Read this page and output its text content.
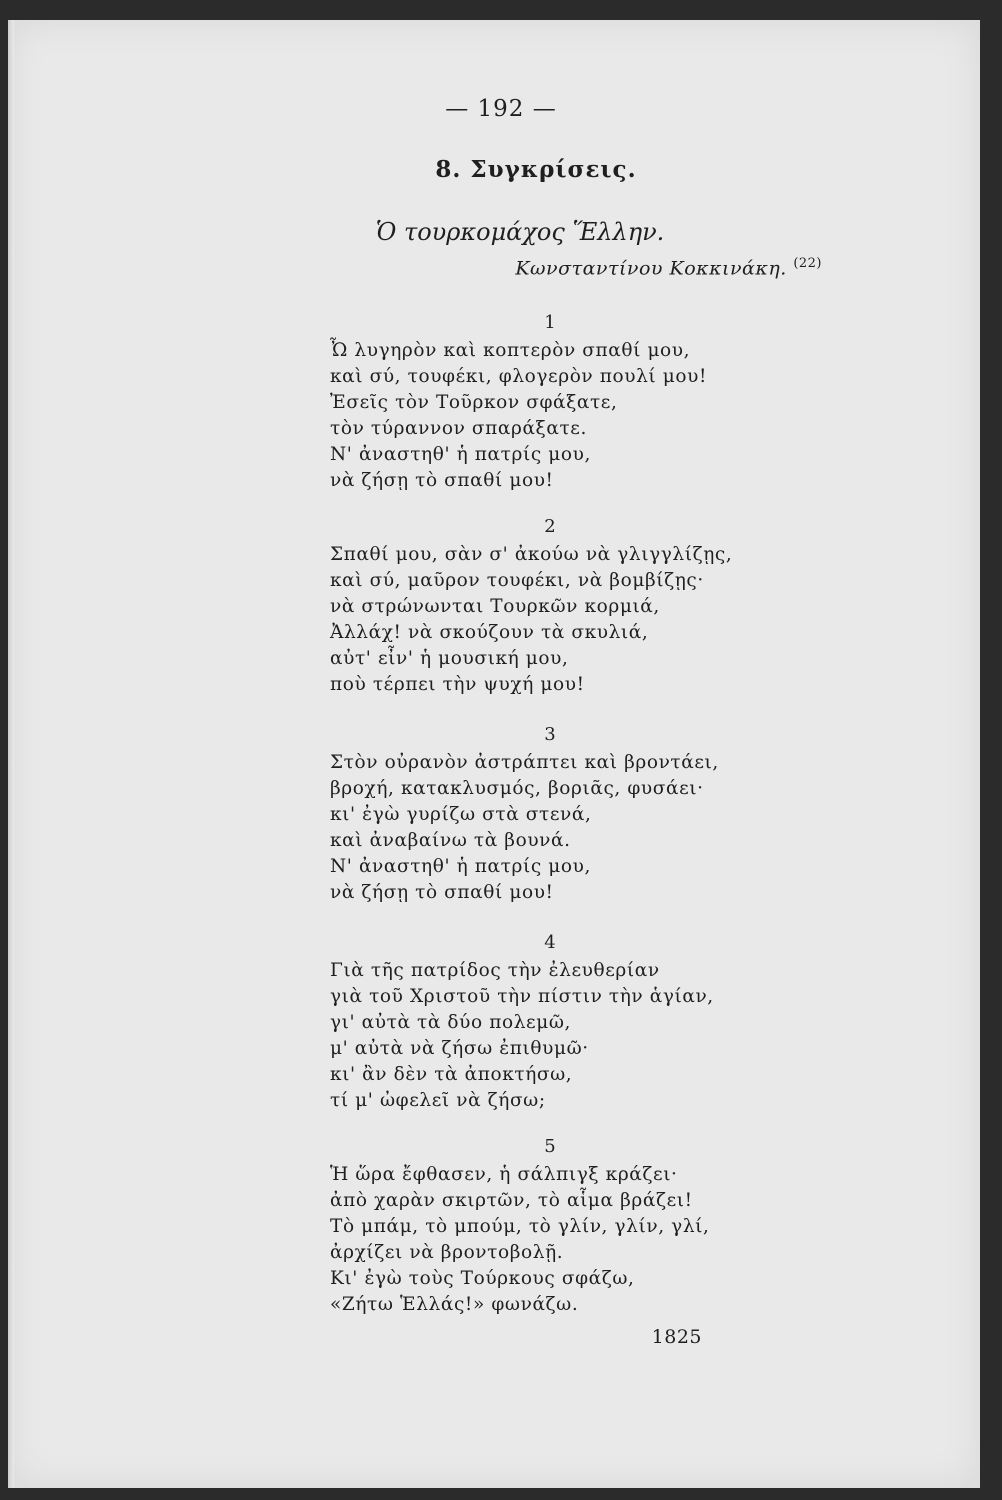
— 192 —
8. Συγκρίσεις.
Ὁ τουρκομάχος Ἕλλην.
Κωνσταντίνου Κοκκινάκη. $^{(22)}$
1
Ὦ λυγηρὸν καὶ κοπτερὸν σπαθί μου,
καὶ σύ, τουφέκι, φλογερὸν πουλί μου!
Ἐσεῖς τὸν Τοῦρκον σφάξατε,
τὸν τύραννον σπαράξατε.
Ν' ἀναστηθ' ἡ πατρίς μου,
νὰ ζήσῃ τὸ σπαθί μου!
2
Σπαθί μου, σὰν σ' ἀκούω νὰ γλιγγλίζῃς,
καὶ σύ, μαῦρον τουφέκι, νὰ βομβίζῃς·
νὰ στρώνωνται Τουρκῶν κορμιά,
Ἀλλάχ! νὰ σκούζουν τὰ σκυλιά,
αὐτ' εἶν' ἡ μουσική μου,
ποὺ τέρπει τὴν ψυχή μου!
3
Στὸν οὐρανὸν ἀστράπτει καὶ βροντάει,
βροχή, κατακλυσμός, βοριᾶς, φυσάει·
κι' ἐγὼ γυρίζω στὰ στενά,
καὶ ἀναβαίνω τὰ βουνά.
Ν' ἀναστηθ' ἡ πατρίς μου,
νὰ ζήσῃ τὸ σπαθί μου!
4
Γιὰ τῆς πατρίδος τὴν ἐλευθερίαν
γιὰ τοῦ Χριστοῦ τὴν πίστιν τὴν ἁγίαν,
γι' αὐτὰ τὰ δύο πολεμῶ,
μ' αὐτὰ νὰ ζήσω ἐπιθυμῶ·
κι' ἂν δὲν τὰ ἀποκτήσω,
τί μ' ὠφελεῖ νὰ ζήσω;
5
Ἡ ὥρα ἔφθασεν, ἡ σάλπιγξ κράζει·
ἀπὸ χαρὰν σκιρτῶν, τὸ αἷμα βράζει!
Τὸ μπάμ, τὸ μπούμ, τὸ γλίν, γλίν, γλί,
ἀρχίζει νὰ βροντοβολῇ.
Κι' ἐγὼ τοὺς Τούρκους σφάζω,
«Ζήτω Ἑλλάς!» φωνάζω.
1825
